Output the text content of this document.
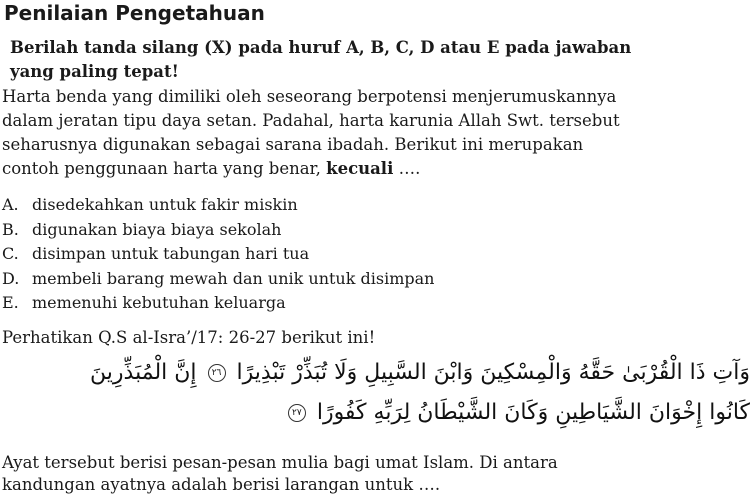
Penilaian Pengetahuan
Berilah tanda silang (X) pada huruf A, B, C, D atau E pada jawaban
yang paling tepat!
Harta benda yang dimiliki oleh seseorang berpotensi menjerumuskannya
dalam jeratan tipu daya setan. Padahal, harta karunia Allah Swt. tersebut
seharusnya digunakan sebagai sarana ibadah. Berikut ini merupakan
contoh penggunaan harta yang benar, kecuali ….
A. disedekahkan untuk fakir miskin
B. digunakan biaya biaya sekolah
C. disimpan untuk tabungan hari tua
D. membeli barang mewah dan unik untuk disimpan
E. memenuhi kebutuhan keluarga
Perhatikan Q.S al-Isra’/17: 26-27 berikut ini!
وَآتِ ذَا الْقُرْبَىٰ حَقَّهُ وَالْمِسْكِينَ وَابْنَ السَّبِيلِ وَلَا تُبَذِّرْ تَبْذِيرًا ٢٦ إِنَّ الْمُبَذِّرِينَ
كَانُوا إِخْوَانَ الشَّيَاطِينِ وَكَانَ الشَّيْطَانُ لِرَبِّهِ كَفُورًا ٢٧
Ayat tersebut berisi pesan-pesan mulia bagi umat Islam. Di antara
kandungan ayatnya adalah berisi larangan untuk ….
